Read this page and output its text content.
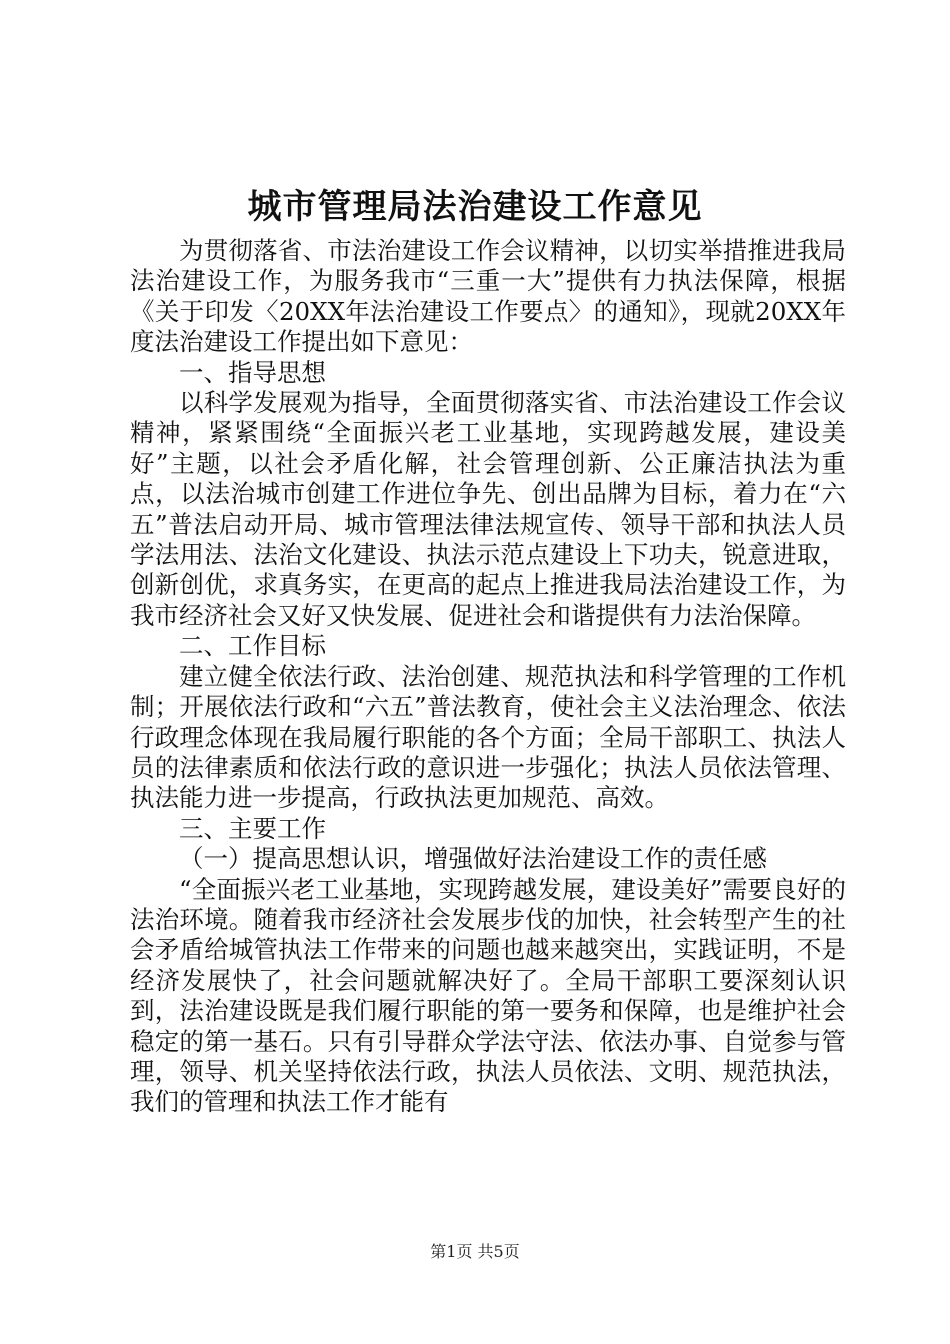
城市管理局法治建设工作意见

为贯彻落省、市法治建设工作会议精神，以切实举措推进我局法治建设工作，为服务我市“三重一大”提供有力执法保障，根据《关于印发〈20XX年法治建设工作要点〉的通知》，现就20XX年度法治建设工作提出如下意见：

一、指导思想

以科学发展观为指导，全面贯彻落实省、市法治建设工作会议精神，紧紧围绕“全面振兴老工业基地，实现跨越发展，建设美好”主题，以社会矛盾化解，社会管理创新、公正廉洁执法为重点，以法治城市创建工作进位争先、创出品牌为目标，着力在“六五”普法启动开局、城市管理法律法规宣传、领导干部和执法人员学法用法、法治文化建设、执法示范点建设上下功夫，锐意进取，创新创优，求真务实，在更高的起点上推进我局法治建设工作，为我市经济社会又好又快发展、促进社会和谐提供有力法治保障。

二、工作目标

建立健全依法行政、法治创建、规范执法和科学管理的工作机制；开展依法行政和“六五”普法教育，使社会主义法治理念、依法行政理念体现在我局履行职能的各个方面；全局干部职工、执法人员的法律素质和依法行政的意识进一步强化；执法人员依法管理、执法能力进一步提高，行政执法更加规范、高效。

三、主要工作

（一）提高思想认识，增强做好法治建设工作的责任感

“全面振兴老工业基地，实现跨越发展，建设美好”需要良好的法治环境。随着我市经济社会发展步伐的加快，社会转型产生的社会矛盾给城管执法工作带来的问题也越来越突出，实践证明，不是经济发展快了，社会问题就解决好了。全局干部职工要深刻认识到，法治建设既是我们履行职能的第一要务和保障，也是维护社会稳定的第一基石。只有引导群众学法守法、依法办事、自觉参与管理，领导、机关坚持依法行政，执法人员依法、文明、规范执法，我们的管理和执法工作才能有

第1页 共5页
